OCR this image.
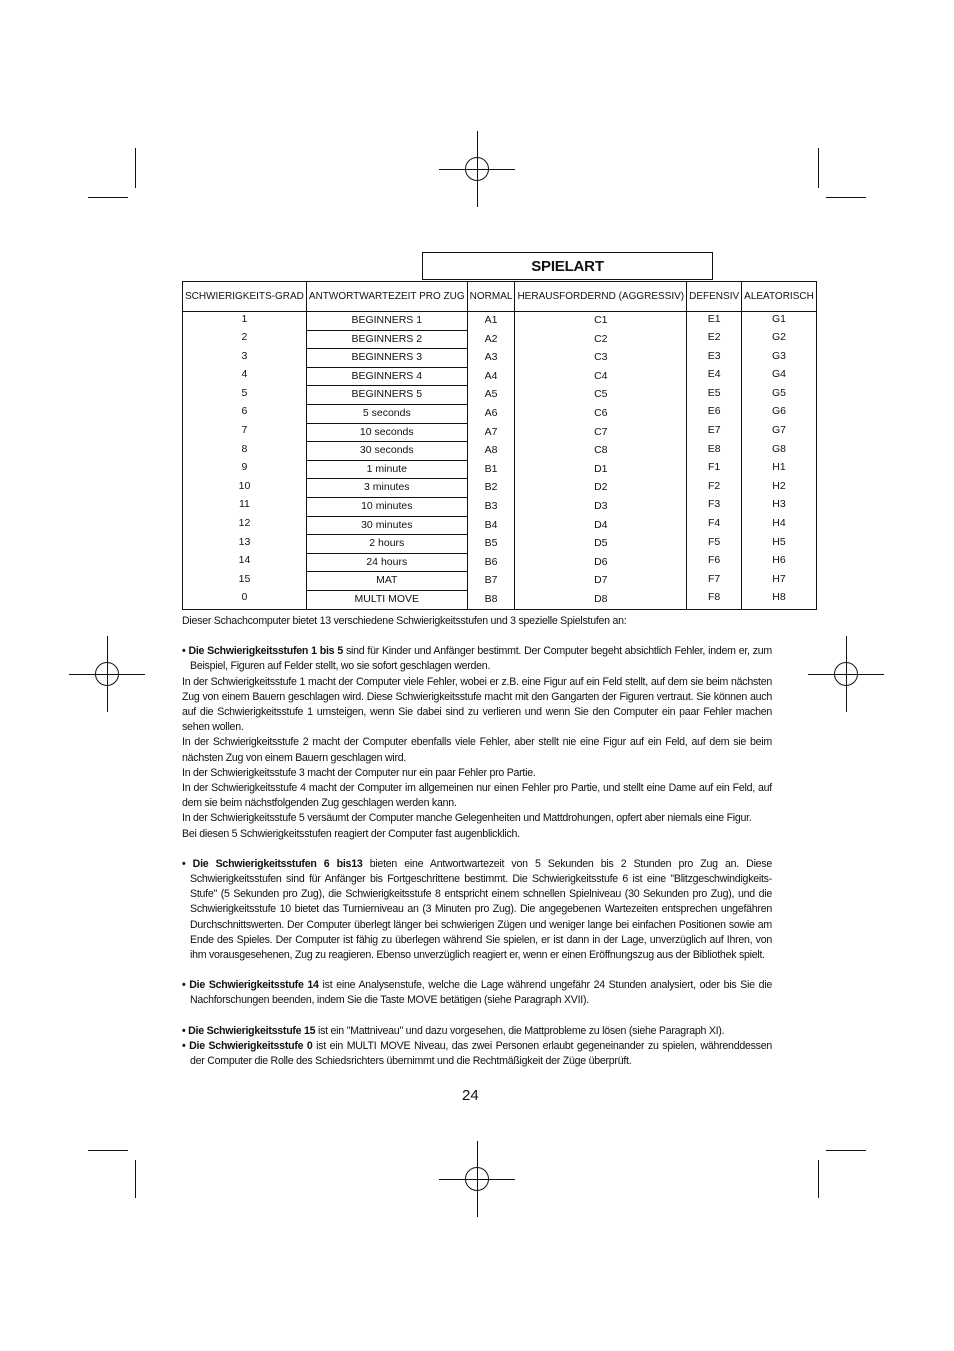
SPIELART
SCHWIERIGKEITS-GRAD	ANTWORTWARTEZEIT PRO ZUG	NORMAL	HERAUSFORDERND (AGGRESSIV)	DEFENSIV	ALEATORISCH
1	BEGINNERS 1	A1	C1	E1	G1
2	BEGINNERS 2	A2	C2	E2	G2
3	BEGINNERS 3	A3	C3	E3	G3
4	BEGINNERS 4	A4	C4	E4	G4
5	BEGINNERS 5	A5	C5	E5	G5
6	5 seconds	A6	C6	E6	G6
7	10 seconds	A7	C7	E7	G7
8	30 seconds	A8	C8	E8	G8
9	1 minute	B1	D1	F1	H1
10	3 minutes	B2	D2	F2	H2
11	10 minutes	B3	D3	F3	H3
12	30 minutes	B4	D4	F4	H4
13	2 hours	B5	D5	F5	H5
14	24 hours	B6	D6	F6	H6
15	MAT	B7	D7	F7	H7
0	MULTI MOVE	B8	D8	F8	H8

Dieser Schachcomputer bietet 13 verschiedene Schwierigkeitsstufen und 3 spezielle Spielstufen an:

• Die Schwierigkeitsstufen 1 bis 5 sind für Kinder und Anfänger bestimmt. Der Computer begeht absichtlich Fehler, indem er, zum Beispiel, Figuren auf Felder stellt, wo sie sofort geschlagen werden.

In der Schwierigkeitsstufe 1 macht der Computer viele Fehler, wobei er z.B. eine Figur auf ein Feld stellt, auf dem sie beim nächsten Zug von einem Bauern geschlagen wird. Diese Schwierigkeitsstufe macht mit den Gangarten der Figuren vertraut. Sie können auch auf die Schwierigkeitsstufe 1 umsteigen, wenn Sie dabei sind zu verlieren und wenn Sie den Computer ein paar Fehler machen sehen wollen.

In der Schwierigkeitsstufe 2 macht der Computer ebenfalls viele Fehler, aber stellt nie eine Figur auf ein Feld, auf dem sie beim nächsten Zug von einem Bauern geschlagen wird.

In der Schwierigkeitsstufe 3 macht der Computer nur ein paar Fehler pro Partie.

In der Schwierigkeitsstufe 4 macht der Computer im allgemeinen nur einen Fehler pro Partie, und stellt eine Dame auf ein Feld, auf dem sie beim nächstfolgenden Zug geschlagen werden kann.

In der Schwierigkeitsstufe 5 versäumt der Computer manche Gelegenheiten und Mattdrohungen, opfert aber niemals eine Figur.

Bei diesen 5 Schwierigkeitsstufen reagiert der Computer fast augenblicklich.

• Die Schwierigkeitsstufen 6 bis13 bieten eine Antwortwartezeit von 5 Sekunden bis 2 Stunden pro Zug an. Diese Schwierigkeitsstufen sind für Anfänger bis Fortgeschrittene bestimmt. Die Schwierigkeitsstufe 6 ist eine "Blitzgeschwindigkeits-Stufe" (5 Sekunden pro Zug), die Schwierigkeitsstufe 8 entspricht einem schnellen Spielniveau (30 Sekunden pro Zug), und die Schwierigkeitsstufe 10 bietet das Turnierniveau an (3 Minuten pro Zug). Die angegebenen Wartezeiten entsprechen ungefähren Durchschnittswerten. Der Computer überlegt länger bei schwierigen Zügen und weniger lange bei einfachen Positionen sowie am Ende des Spieles. Der Computer ist fähig zu überlegen während Sie spielen, er ist dann in der Lage, unverzüglich auf Ihren, von ihm vorausgesehenen, Zug zu reagieren. Ebenso unverzüglich reagiert er, wenn er einen Eröffnungszug aus der Bibliothek spielt.

• Die Schwierigkeitsstufe 14 ist eine Analysenstufe, welche die Lage während ungefähr 24 Stunden analysiert, oder bis Sie die Nachforschungen beenden, indem Sie die Taste MOVE betätigen (siehe Paragraph XVII).

• Die Schwierigkeitsstufe 15 ist ein "Mattniveau" und dazu vorgesehen, die Mattprobleme zu lösen (siehe Paragraph XI).

• Die Schwierigkeitsstufe 0 ist ein MULTI MOVE Niveau, das zwei Personen erlaubt gegeneinander zu spielen, währenddessen der Computer die Rolle des Schiedsrichters übernimmt und die Rechtmäßigkeit der Züge überprüft.

24
